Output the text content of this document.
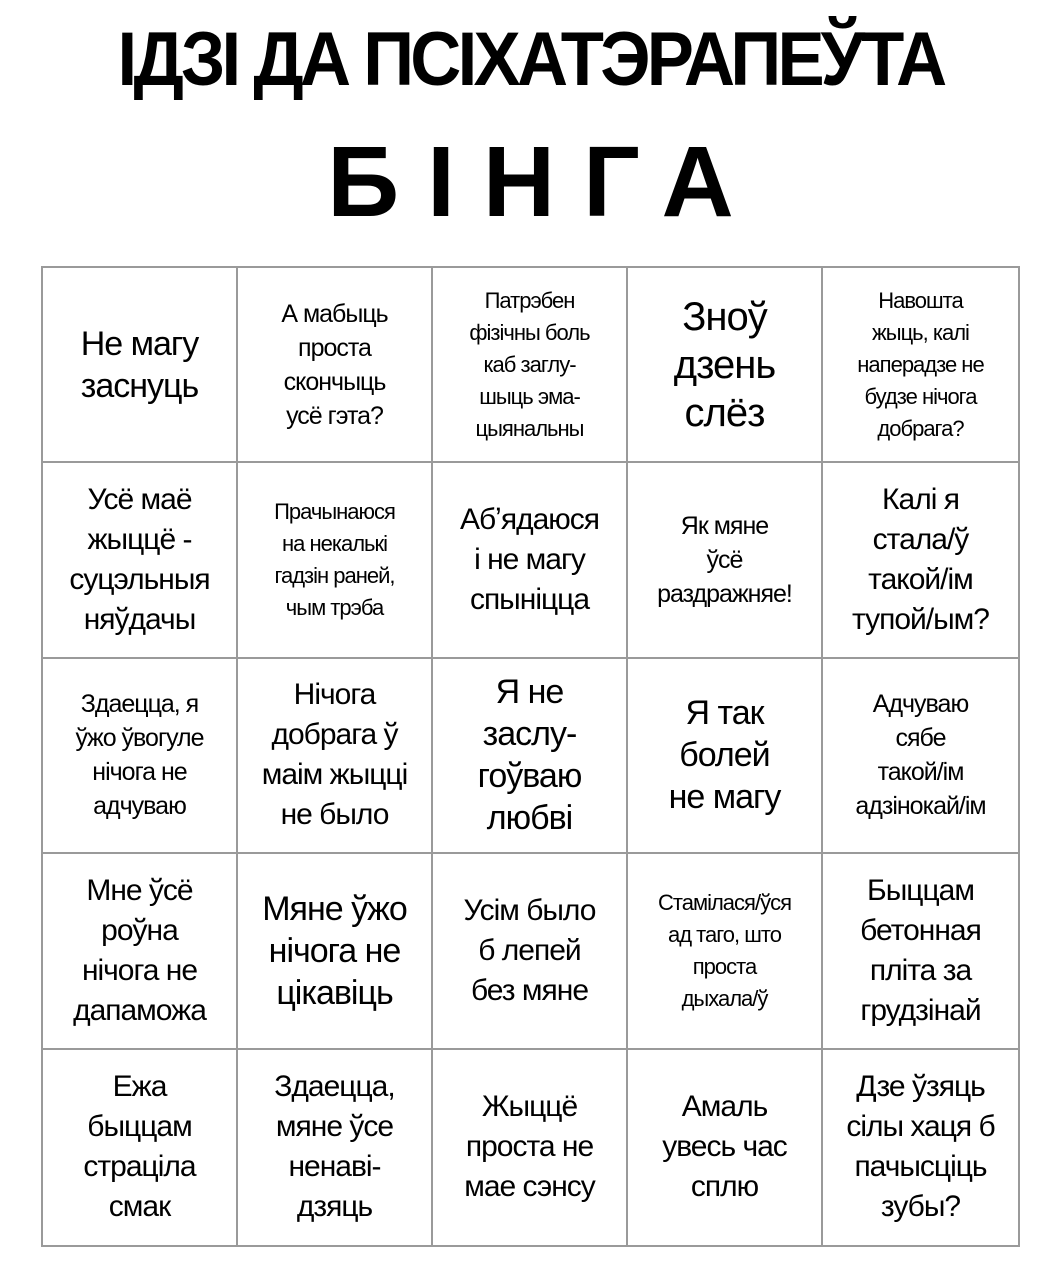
ІДЗІ ДА ПСІХАТЭРАПЕЎТА
БІНГА
Не магу
заснуць
А мабыць
проста
скончыць
усё гэта?
Патрэбен
фізічны боль
каб заглу-
шыць эма-
цыянальны
Зноў
дзень
слёз
Навошта
жыць, калі
наперадзе не
будзе нічога
добрага?
Усё маё
жыццё -
суцэльныя
няўдачы
Прачынаюся
на некалькі
гадзін раней,
чым трэба
Абʼядаюся
і не магу
спыніцца
Як мяне
ўсё
раздражняе!
Калі я
стала/ў
такой/ім
тупой/ым?
Здаецца, я
ўжо ўвогуле
нічога не
адчуваю
Нічога
добрага ў
маім жыцці
не было
Я не
заслу-
гоўваю
любві
Я так
болей
не магу
Адчуваю
сябе
такой/ім
адзінокай/ім
Мне ўсё
роўна
нічога не
дапаможа
Мяне ўжо
нічога не
цікавіць
Усім было
б лепей
без мяне
Стамілася/ўся
ад таго, што
проста
дыхала/ў
Быццам
бетонная
пліта за
грудзінай
Ежа
быццам
страціла
смак
Здаецца,
мяне ўсе
ненаві-
дзяць
Жыццё
проста не
мае сэнсу
Амаль
увесь час
сплю
Дзе ўзяць
сілы хаця б
пачысціць
зубы?
